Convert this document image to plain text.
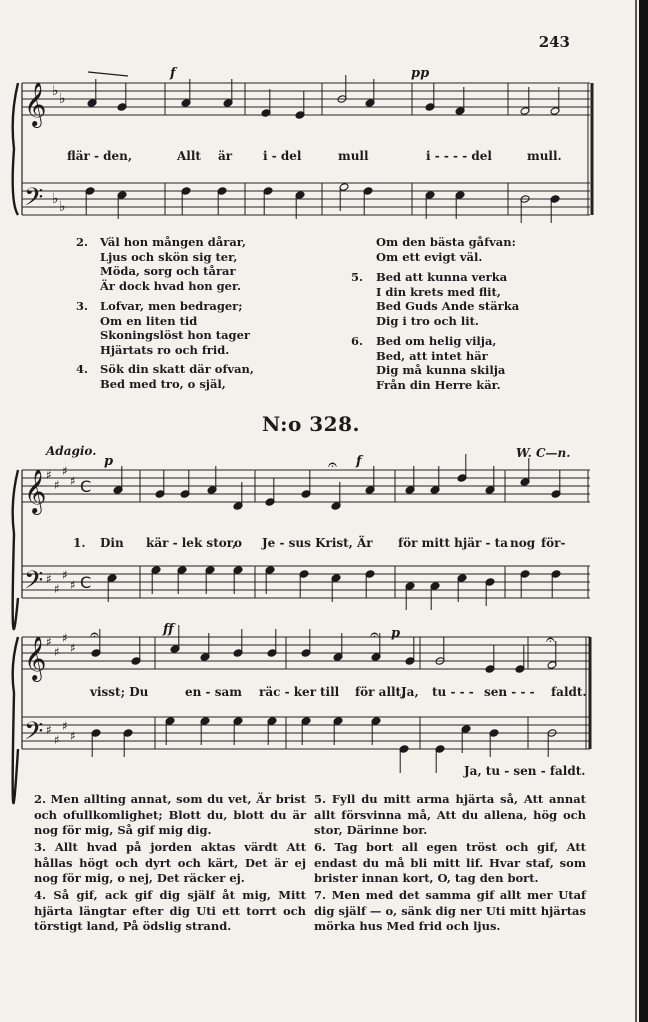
243
𝄞
𝄢
♭ ♭
♭ ♭
f	pp
flär - den,	Allt är	i - del	mull	i - - - - del	mull.
2. Väl hon mången dårar,
Ljus och skön sig ter,
Möda, sorg och tårar
Är dock hvad hon ger.
3. Lofvar, men bedrager;
Om en liten tid
Skoningslöst hon tager
Hjärtats ro och frid.
4. Sök din skatt där ofvan,
Bed med tro, o själ,
Om den bästa gåfvan:
Om ett evigt väl.
5. Bed att kunna verka
I din krets med flit,
Bed Guds Ande stärka
Dig i tro och lit.
6. Bed om helig vilja,
Bed, att intet här
Dig må kunna skilja
Från din Herre kär.
N:o 328.
Adagio.	W. C—n.
𝄞
𝄢
♯
♯
♯
♯
♯
♯
♯
♯
C
C
𝄐
p	f
1. Din kär - lek stor,
o Je - sus Krist, Är för mitt hjär - ta nog för-
𝄞
𝄢
♯
♯
♯
♯
♯
♯
♯
♯
𝄐	𝄐	𝄐
ff	p
visst; Du	en - sam räc - ker till för allt,
Ja, tu - - - sen - - - faldt.
Ja, tu - sen - faldt.
2. Men allting annat, som du vet, Är brist och ofullkomlighet; Blott du, blott du är nog för mig, Så gif mig dig.
3. Allt hvad på jorden aktas värdt Att hållas högt och dyrt och kärt, Det är ej nog för mig, o nej, Det räcker ej.
4. Så gif, ack gif dig själf åt mig, Mitt hjärta längtar efter dig Uti ett torrt och törstigt land, På ödslig strand.
5. Fyll du mitt arma hjärta så, Att annat allt försvinna må, Att du allena, hög och stor, Därinne bor.
6. Tag bort all egen tröst och gif, Att endast du må bli mitt lif. Hvar staf, som brister innan kort, O, tag den bort.
7. Men med det samma gif allt mer Utaf dig själf — o, sänk dig ner Uti mitt hjärtas mörka hus Med frid och ljus.
